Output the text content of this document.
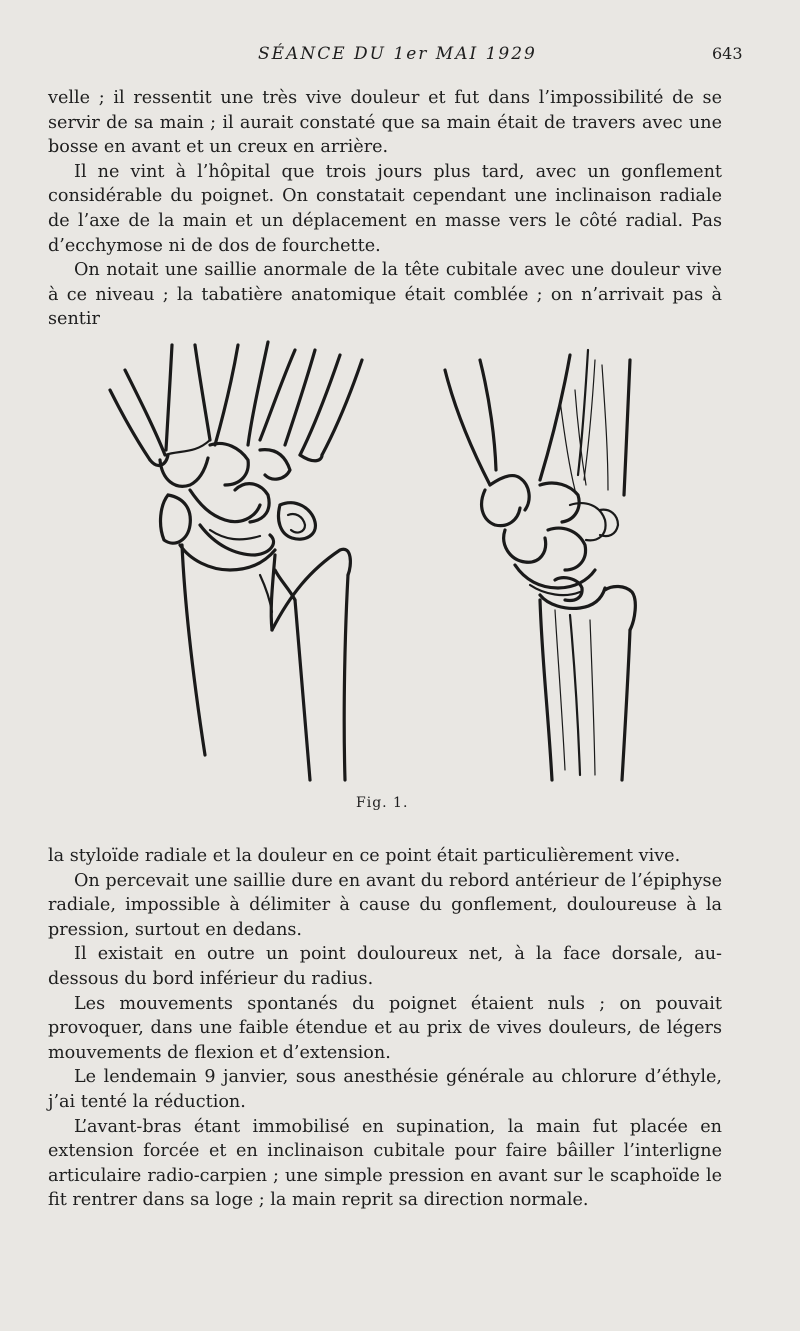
SÉANCE DU 1er MAI 1929	643

velle ; il ressentit une très vive douleur et fut dans l’impossibilité de se servir de sa main ; il aurait constaté que sa main était de travers avec une bosse en avant et un creux en arrière.

Il ne vint à l’hôpital que trois jours plus tard, avec un gonflement considérable du poignet. On constatait cependant une inclinaison radiale de l’axe de la main et un déplacement en masse vers le côté radial. Pas d’ecchymose ni de dos de fourchette.

On notait une saillie anormale de la tête cubitale avec une douleur vive à ce niveau ; la tabatière anatomique était comblée ; on n’arrivait pas à sentir

Fig. 1.

la styloïde radiale et la douleur en ce point était particulièrement vive.

On percevait une saillie dure en avant du rebord antérieur de l’épiphyse radiale, impossible à délimiter à cause du gonflement, douloureuse à la pression, surtout en dedans.

Il existait en outre un point douloureux net, à la face dorsale, au-dessous du bord inférieur du radius.

Les mouvements spontanés du poignet étaient nuls ; on pouvait provoquer, dans une faible étendue et au prix de vives douleurs, de légers mouvements de flexion et d’extension.

Le lendemain 9 janvier, sous anesthésie générale au chlorure d’éthyle, j’ai tenté la réduction.

L’avant-bras étant immobilisé en supination, la main fut placée en extension forcée et en inclinaison cubitale pour faire bâiller l’interligne articulaire radio-carpien ; une simple pression en avant sur le scaphoïde le fit rentrer dans sa loge ; la main reprit sa direction normale.
